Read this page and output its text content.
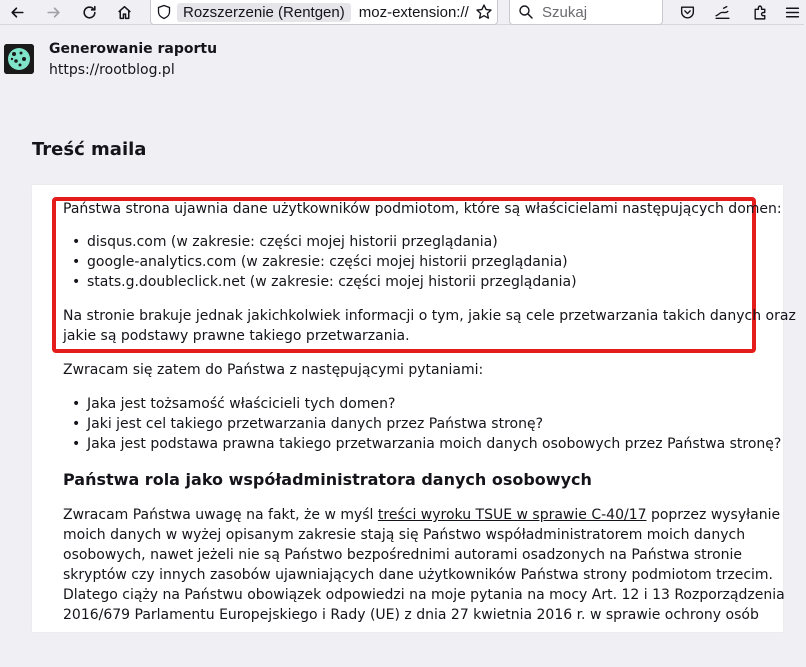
Rozszerzenie (Rentgen) moz-extension://
Szukaj
Generowanie raportu
https://rootblog.pl
Treść maila
Państwa strona ujawnia dane użytkowników podmiotom, które są właścicielami następujących domen:
• disqus.com (w zakresie: części mojej historii przeglądania)
• google-analytics.com (w zakresie: części mojej historii przeglądania)
• stats.g.doubleclick.net (w zakresie: części mojej historii przeglądania)
Na stronie brakuje jednak jakichkolwiek informacji o tym, jakie są cele przetwarzania takich danych oraz
jakie są podstawy prawne takiego przetwarzania.
Zwracam się zatem do Państwa z następującymi pytaniami:
• Jaka jest tożsamość właścicieli tych domen?
• Jaki jest cel takiego przetwarzania danych przez Państwa stronę?
• Jaka jest podstawa prawna takiego przetwarzania moich danych osobowych przez Państwa stronę?
Państwa rola jako współadministratora danych osobowych
Zwracam Państwa uwagę na fakt, że w myśl treści wyroku TSUE w sprawie C-40/17 poprzez wysyłanie
moich danych w wyżej opisanym zakresie stają się Państwo współadministratorem moich danych
osobowych, nawet jeżeli nie są Państwo bezpośrednimi autorami osadzonych na Państwa stronie
skryptów czy innych zasobów ujawniających dane użytkowników Państwa strony podmiotom trzecim.
Dlatego ciąży na Państwu obowiązek odpowiedzi na moje pytania na mocy Art. 12 i 13 Rozporządzenia
2016/679 Parlamentu Europejskiego i Rady (UE) z dnia 27 kwietnia 2016 r. w sprawie ochrony osób
